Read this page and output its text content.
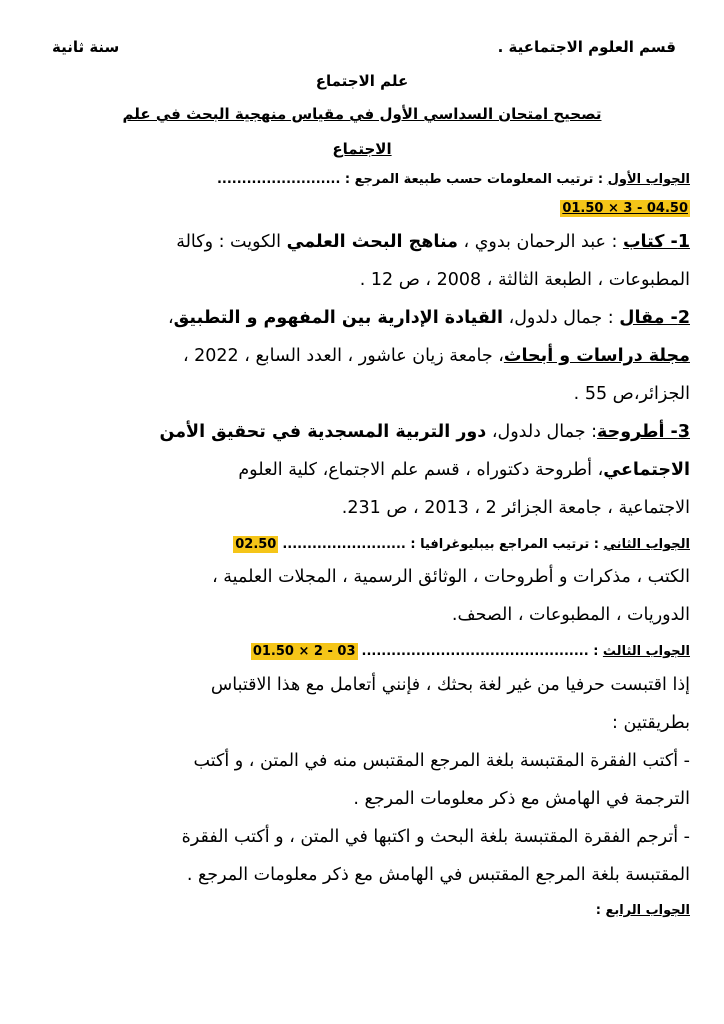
قسم العلوم الاجتماعية .
سنة ثانية
علم الاجتماع
تصحيح امتحان السداسي الأول في مقياس منهجية البحث في علم
الاجتماع
الجواب الأول : ترتيب المعلومات حسب طبيعة المرجع : .........................
01.50 × 3 - 04.50
1- كتاب : عبد الرحمان بدوي ، مناهج البحث العلمي الكويت : وكالة
المطبوعات ، الطبعة الثالثة ، 2008 ، ص 12 .
2- مقال : جمال دلدول، القيادة الإدارية بين المفهوم و التطبيق،
مجلة دراسات و أبحاث، جامعة زيان عاشور ، العدد السابع ، 2022 ،
الجزائر،ص 55 .
3- أطروحة: جمال دلدول، دور التربية المسجدية في تحقيق الأمن
الاجتماعي، أطروحة دكتوراه ، قسم علم الاجتماع، كلية العلوم
الاجتماعية ، جامعة الجزائر 2 ، 2013 ، ص 231.
الجواب الثاني : ترتيب المراجع بيبليوغرافيا : .........................02.50
الكتب ، مذكرات و أطروحات ، الوثائق الرسمية ، المجلات العلمية ،
الدوريات ، المطبوعات ، الصحف.
الجواب الثالث : ..............................................01.50 × 2 - 03
إذا اقتبست حرفيا من غير لغة بحثك ، فإنني أتعامل مع هذا الاقتباس
بطريقتين :
- أكتب الفقرة المقتبسة بلغة المرجع المقتبس منه في المتن ، و أكتب
الترجمة في الهامش مع ذكر معلومات المرجع .
- أترجم الفقرة المقتبسة بلغة البحث و اكتبها في المتن ، و أكتب الفقرة
المقتبسة بلغة المرجع المقتبس في الهامش مع ذكر معلومات المرجع .
الجواب الرابع :
